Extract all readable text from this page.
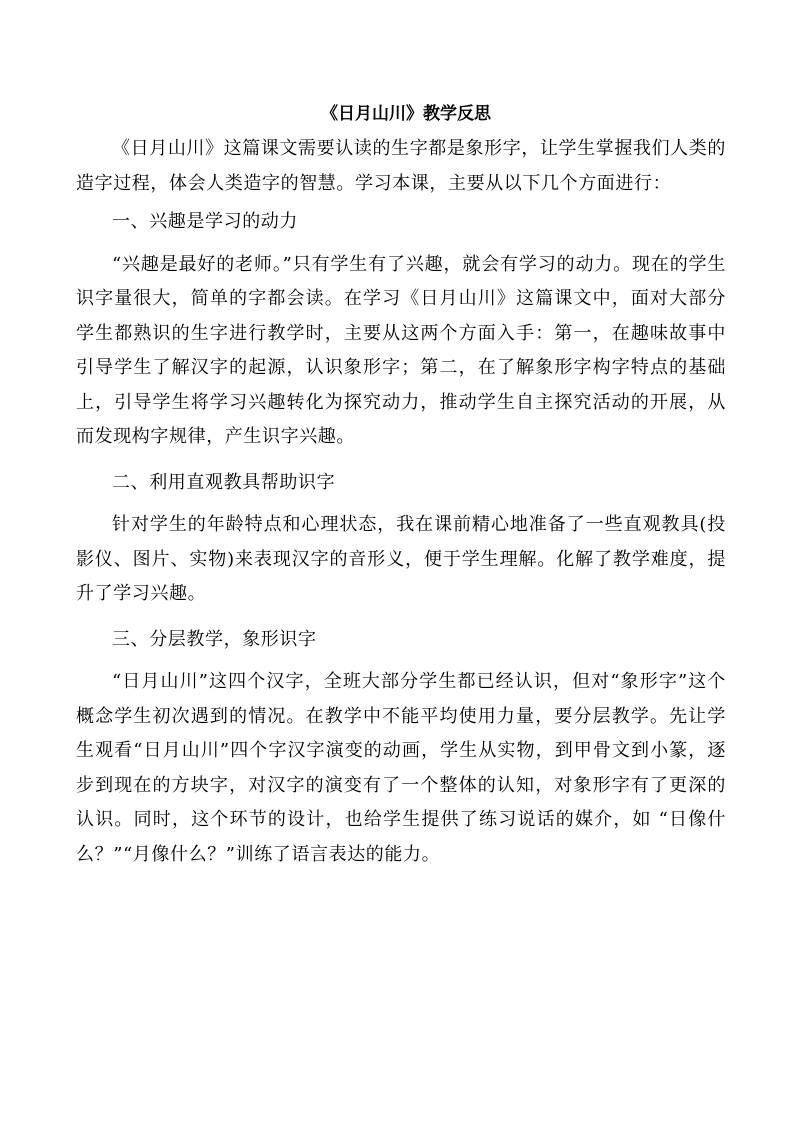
《日月山川》教学反思

《日月山川》这篇课文需要认读的生字都是象形字，让学生掌握我们人类的造字过程，体会人类造字的智慧。学习本课，主要从以下几个方面进行：

一、兴趣是学习的动力

“兴趣是最好的老师。”只有学生有了兴趣，就会有学习的动力。现在的学生识字量很大，简单的字都会读。在学习《日月山川》这篇课文中，面对大部分学生都熟识的生字进行教学时，主要从这两个方面入手：第一，在趣味故事中引导学生了解汉字的起源，认识象形字；第二，在了解象形字构字特点的基础上，引导学生将学习兴趣转化为探究动力，推动学生自主探究活动的开展，从而发现构字规律，产生识字兴趣。

二、利用直观教具帮助识字

针对学生的年龄特点和心理状态，我在课前精心地准备了一些直观教具(投影仪、图片、实物)来表现汉字的音形义，便于学生理解。化解了教学难度，提升了学习兴趣。

三、分层教学，象形识字

“日月山川”这四个汉字，全班大部分学生都已经认识，但对“象形字”这个概念学生初次遇到的情况。在教学中不能平均使用力量，要分层教学。先让学生观看“日月山川”四个字汉字演变的动画，学生从实物，到甲骨文到小篆，逐步到现在的方块字，对汉字的演变有了一个整体的认知，对象形字有了更深的认识。同时，这个环节的设计，也给学生提供了练习说话的媒介，如 “日像什么？”“月像什么？”训练了语言表达的能力。
